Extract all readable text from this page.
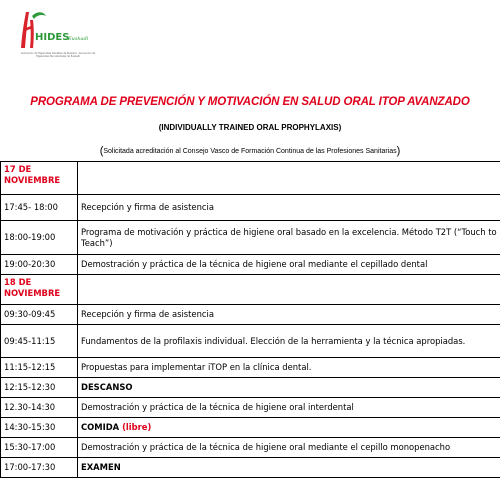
HIDES
Euskadi
Asociación de Higienistas Dentales de Euskadi · Asociación de Higienistas Bucodentales de Euskadi
PROGRAMA DE PREVENCIÓN Y MOTIVACIÓN EN SALUD ORAL ITOP AVANZADO
(INDIVIDUALLY TRAINED ORAL PROPHYLAXIS)
(Solicitada acreditación al Consejo Vasco de Formación Continua de las Profesiones Sanitarias)
17 DE NOVIEMBRE	
17:45- 18:00	Recepción y firma de asistencia
18:00-19:00	Programa de motivación y práctica de higiene oral basado en la excelencia. Método T2T (“Touch to Teach”)
19:00-20:30	Demostración y práctica de la técnica de higiene oral mediante el cepillado dental
18 DE NOVIEMBRE	
09:30-09:45	Recepción y firma de asistencia
09:45-11:15	Fundamentos de la profilaxis individual. Elección de la herramienta y la técnica apropiadas.
11:15-12:15	Propuestas para implementar iTOP en la clínica dental.
12:15-12:30	DESCANSO
12.30-14:30	Demostración y práctica de la técnica de higiene oral interdental
14:30-15:30	COMIDA (libre)
15:30-17:00	Demostración y práctica de la técnica de higiene oral mediante el cepillo monopenacho
17:00-17:30	EXAMEN
